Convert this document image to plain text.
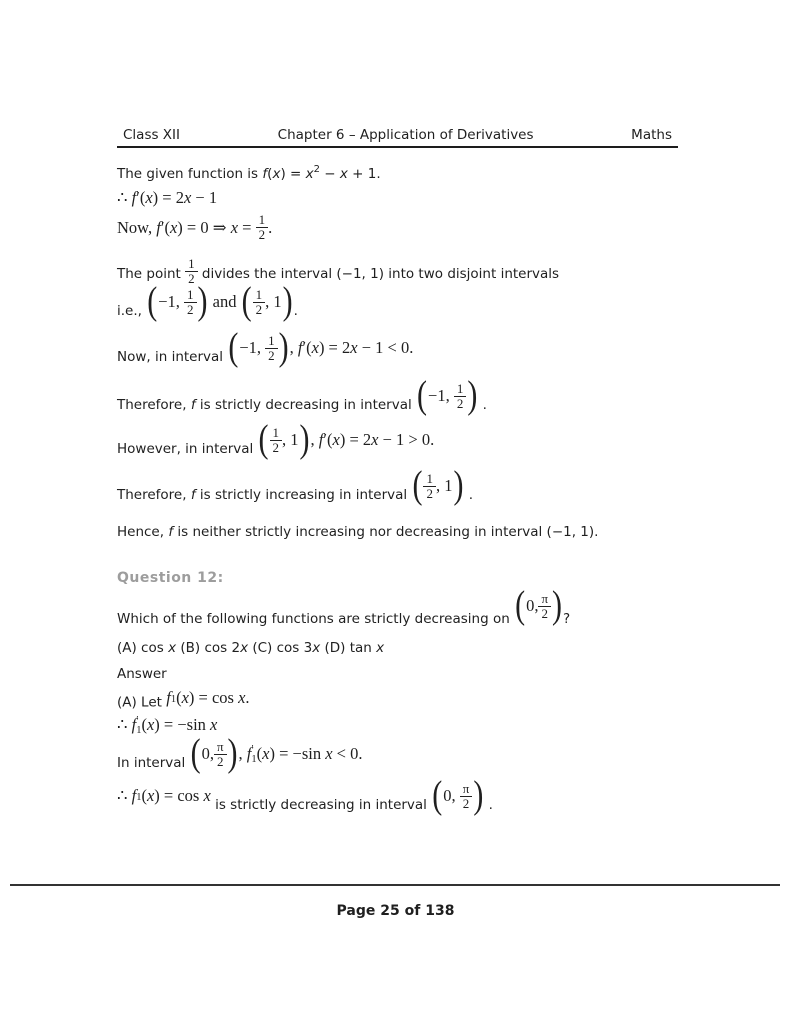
Class XII	Chapter 6 – Application of Derivatives	Maths
The given function is $f(x) = x^2 - x + 1$.
∴ f ′( x ) = 2 x − 1
Now, f ′( x ) = 0 ⇒ $x = \frac{1}{2}$ .
The point $\frac{1}{2}$ divides the interval (−1, 1) into two disjoint intervals
i.e., ( −1, $\frac{1}{2}$ ) and ( $\frac{1}{2}$ , 1 ) .
Now, in interval ( −1, $\frac{1}{2}$ ) , f ′( x ) = 2 x − 1 < 0.
Therefore, f is strictly decreasing in interval ( −1, $\frac{1}{2}$ ) .
However, in interval ( $\frac{1}{2}$ , 1 ) , f ′( x ) = 2 x − 1 > 0.
Therefore, f is strictly increasing in interval ( $\frac{1}{2}$ , 1 ) .
Hence, f is neither strictly increasing nor decreasing in interval (−1, 1).
Question 12:
Which of the following functions are strictly decreasing on ( 0, $\frac{\pi}{2}$ ) ?
(A) cos x (B) cos 2x (C) cos 3x (D) tan x
Answer
(A) Let f 1 ( x ) = cos x .
∴ f ′
1 ( x ) = −sin x
In interval ( 0, $\frac{\pi}{2}$ ) , f ′
1 ( x ) = −sin x < 0.
∴ f 1 ( x ) = cos x
is strictly decreasing in interval ( 0, $\frac{\pi}{2}$ ) .
Page 25 of 138
